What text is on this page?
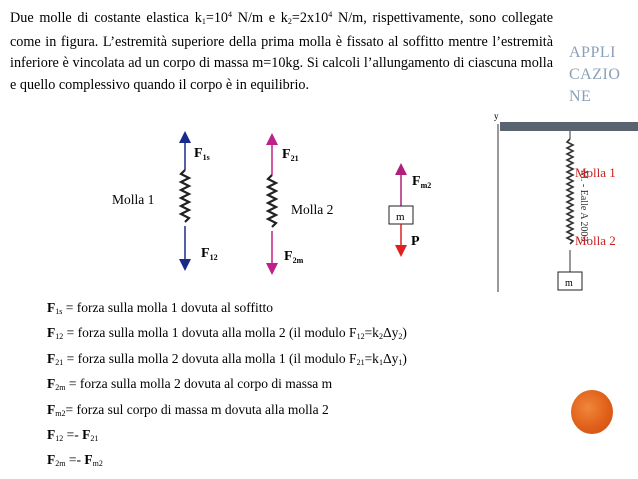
Due molle di costante elastica $k_1=10^4$ N/m e $k_2=2x10^4$ N/m, rispettivamente, sono collegate come in figura. L’estremità superiore della prima molla è fissato al soffitto mentre l’estremità inferiore è vincolata ad un corpo di massa m=10kg. Si calcoli l’allungamento di ciascuna molla e quello complessivo quando il corpo è in equilibrio.

APPLI
CAZIO
NE
M. - Ealle A 2003
$F_{1s}$
$F_{12}$
Molla 1
$F_{21}$
$F_{2m}$
Molla 2	m
$F_{m2}$
P
y
m
Molla 1
Molla 2
$F_{1s}$ = forza sulla molla 1 dovuta al soffitto
$F_{12}$ = forza sulla molla 1 dovuta alla molla 2 (il modulo $F_{12}=k_2\Delta y_2$)
$F_{21}$ = forza sulla molla 2 dovuta alla molla 1 (il modulo $F_{21}=k_1\Delta y_1$)
$F_{2m}$ = forza sulla molla 2 dovuta al corpo di massa m
$F_{m2}=$ forza sul corpo di massa m dovuta alla molla 2
$F_{12} =- F_{21}$
$F_{2m} =- F_{m2}$
